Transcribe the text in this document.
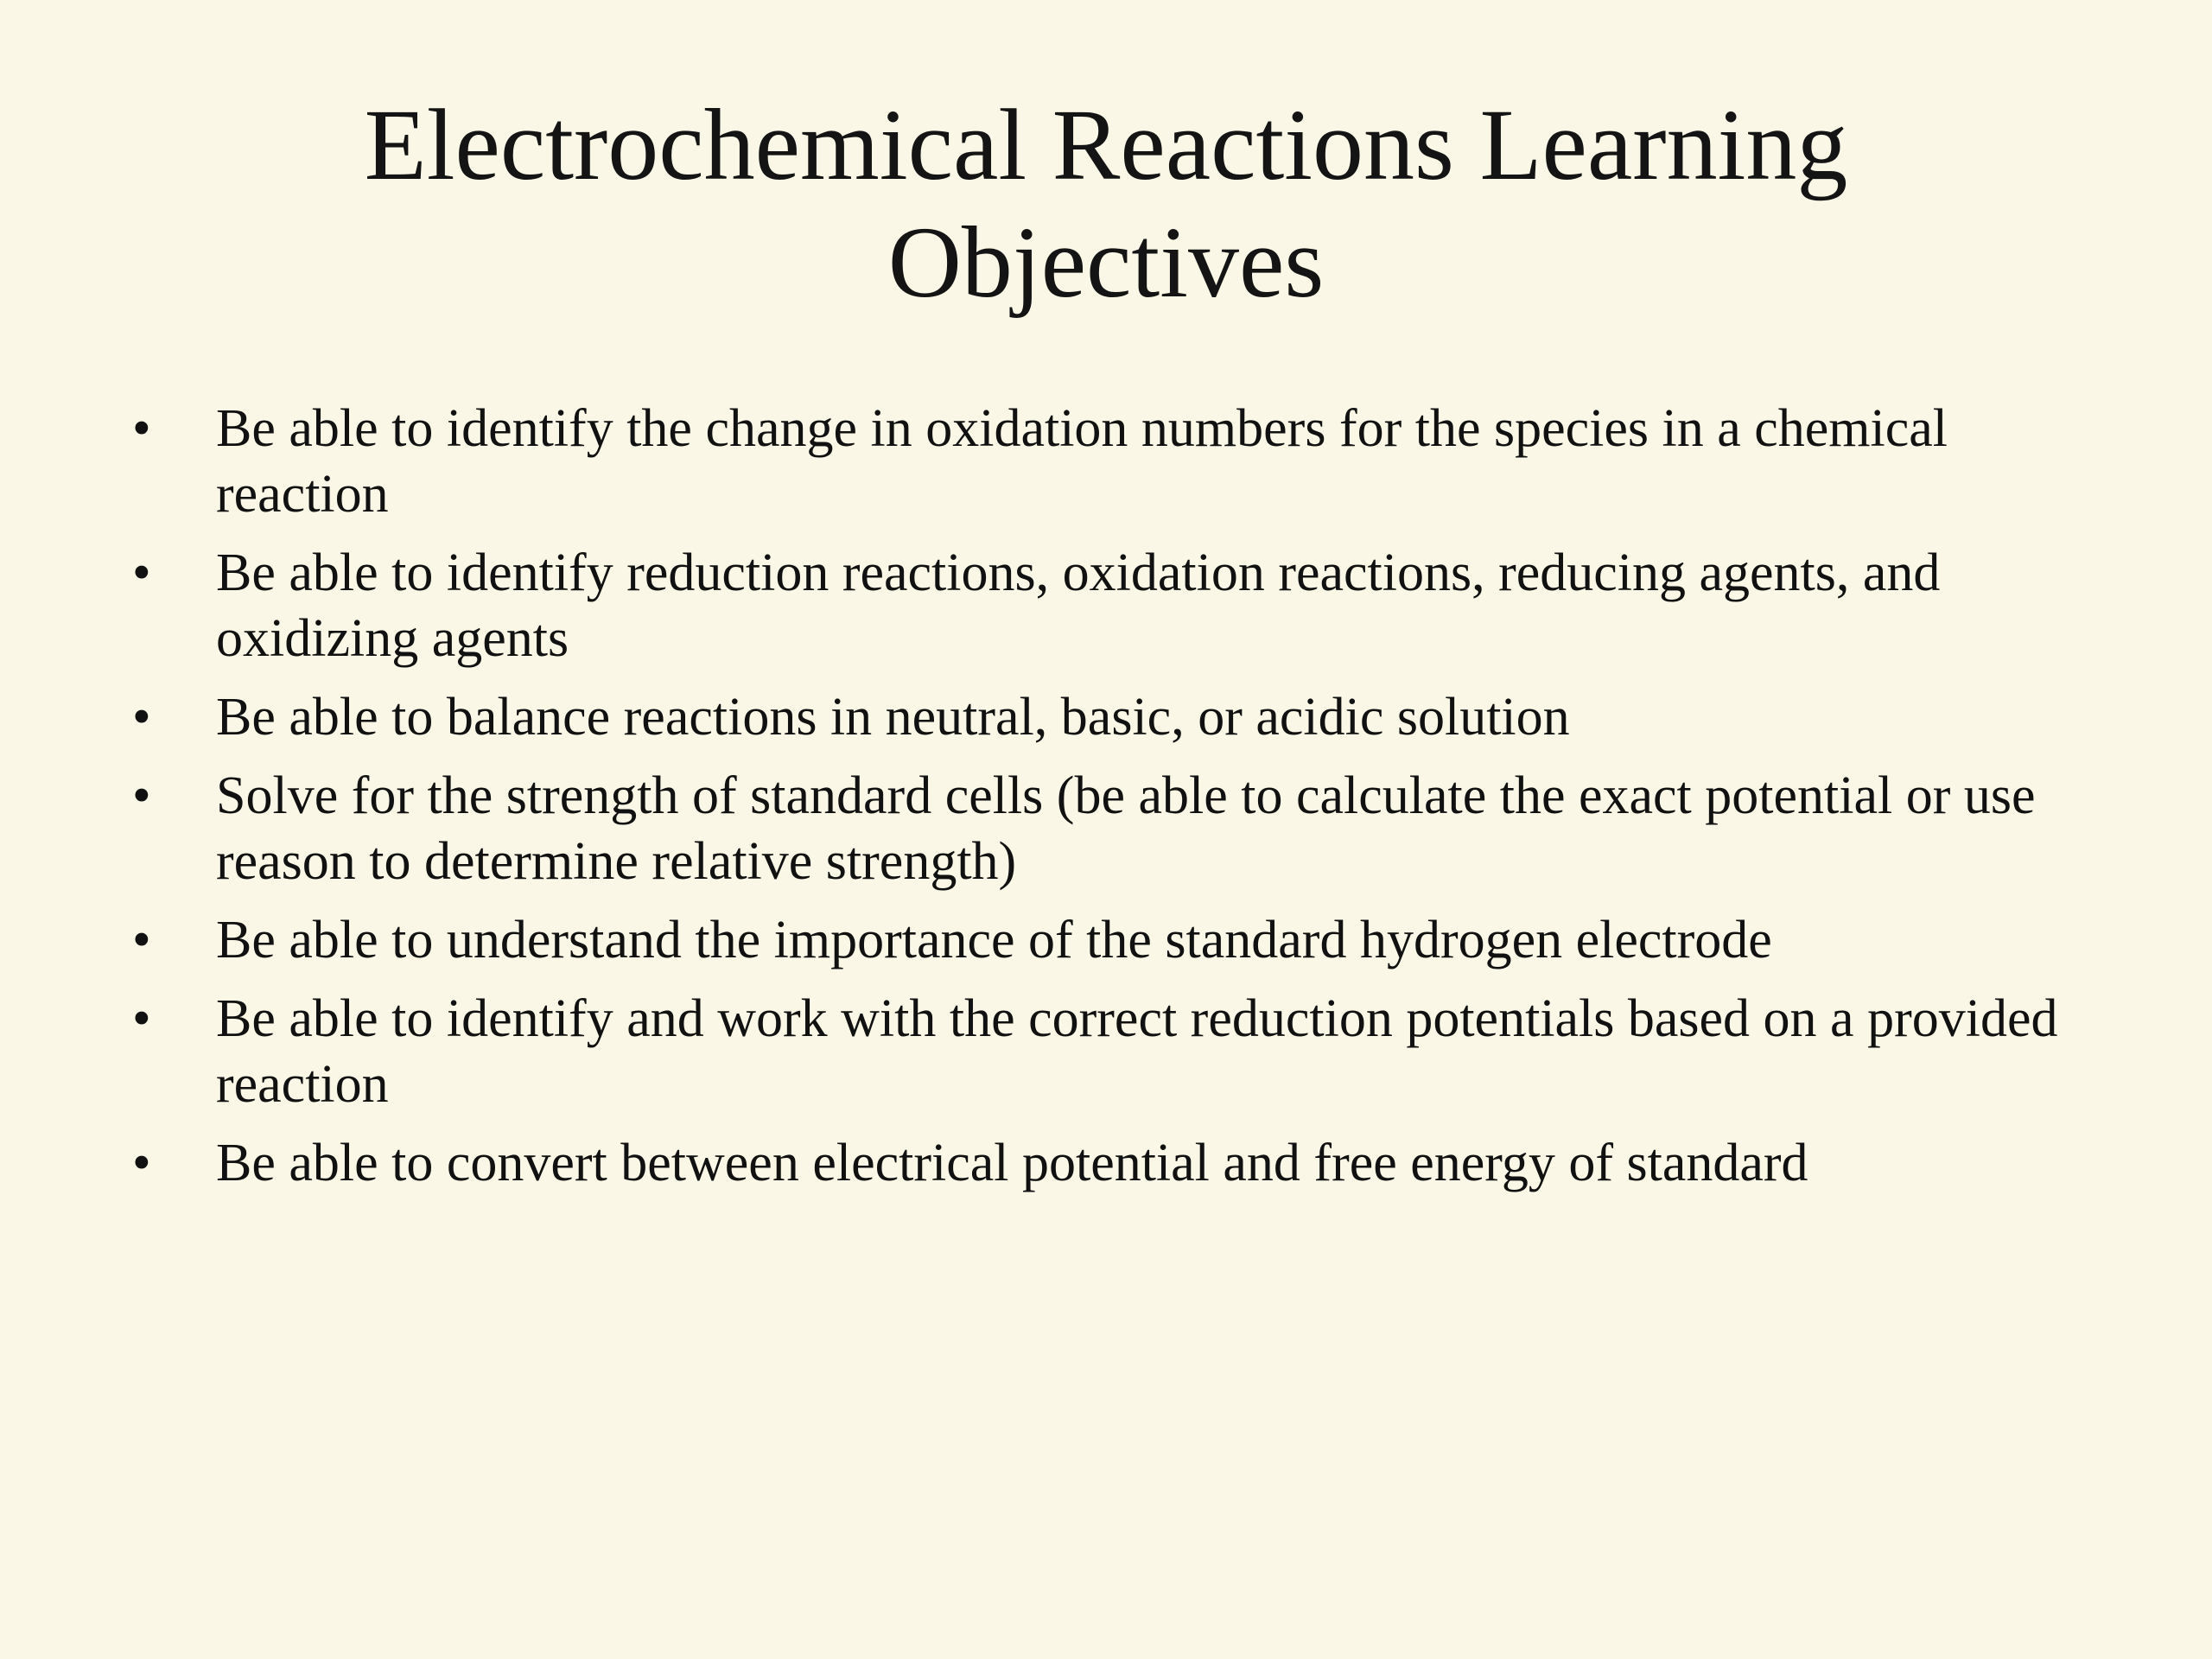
Electrochemical Reactions Learning Objectives
• Be able to identify the change in oxidation numbers for the species in a chemical reaction
• Be able to identify reduction reactions, oxidation reactions, reducing agents, and oxidizing agents
• Be able to balance reactions in neutral, basic, or acidic solution
• Solve for the strength of standard cells (be able to calculate the exact potential or use reason to determine relative strength)
• Be able to understand the importance of the standard hydrogen electrode
• Be able to identify and work with the correct reduction potentials based on a provided reaction
• Be able to convert between electrical potential and free energy of standard
